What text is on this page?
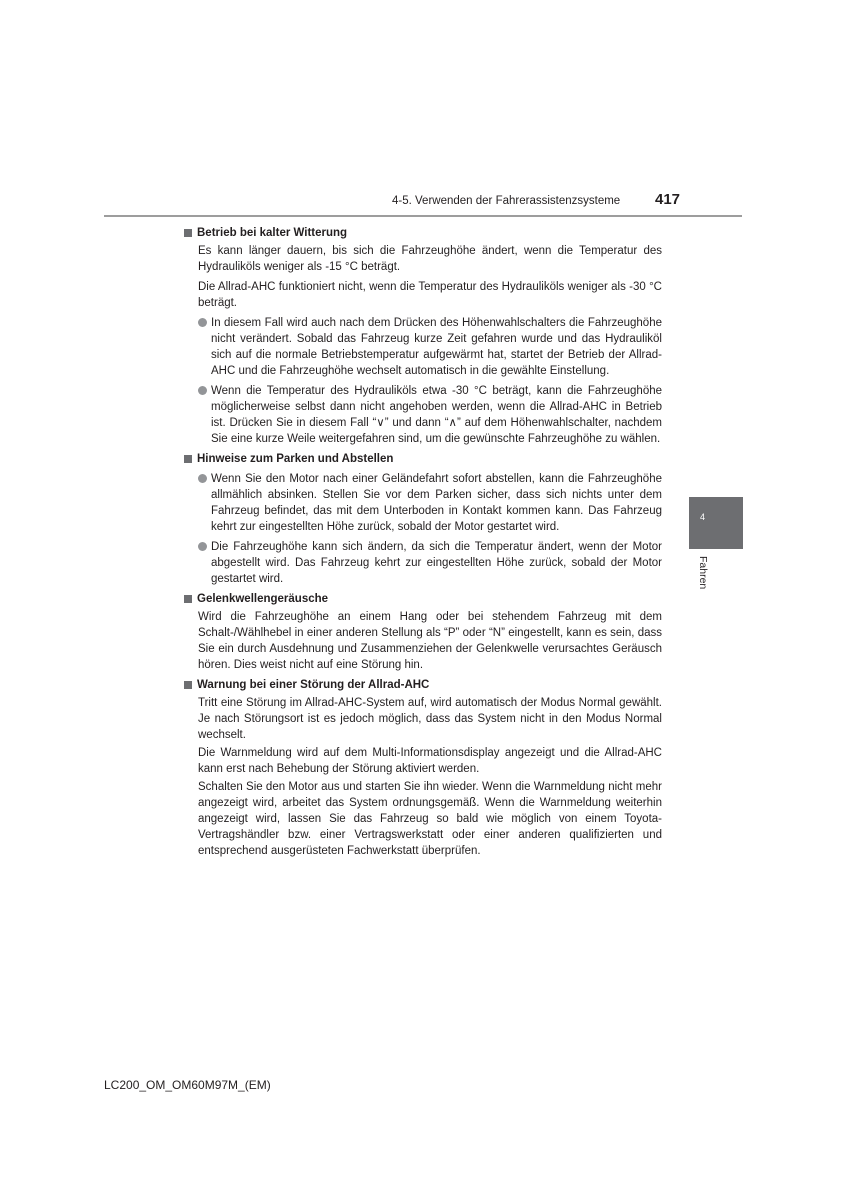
4-5. Verwenden der Fahrerassistenzsysteme 417
4
Fahren
Betrieb bei kalter Witterung
Es kann länger dauern, bis sich die Fahrzeughöhe ändert, wenn die Temperatur des Hydrauliköls weniger als -15 °C beträgt.
Die Allrad-AHC funktioniert nicht, wenn die Temperatur des Hydrauliköls weniger als -30 °C beträgt.
In diesem Fall wird auch nach dem Drücken des Höhenwahlschalters die Fahrzeughöhe nicht verändert. Sobald das Fahrzeug kurze Zeit gefahren wurde und das Hydrauliköl sich auf die normale Betriebstemperatur aufgewärmt hat, startet der Betrieb der Allrad-AHC und die Fahrzeughöhe wechselt automatisch in die gewählte Einstellung.
Wenn die Temperatur des Hydrauliköls etwa -30 °C beträgt, kann die Fahrzeughöhe möglicherweise selbst dann nicht angehoben werden, wenn die Allrad-AHC in Betrieb ist. Drücken Sie in diesem Fall “∨” und dann “∧” auf dem Höhenwahlschalter, nachdem Sie eine kurze Weile weitergefahren sind, um die gewünschte Fahrzeughöhe zu wählen.
Hinweise zum Parken und Abstellen
Wenn Sie den Motor nach einer Geländefahrt sofort abstellen, kann die Fahrzeughöhe allmählich absinken. Stellen Sie vor dem Parken sicher, dass sich nichts unter dem Fahrzeug befindet, das mit dem Unterboden in Kontakt kommen kann. Das Fahrzeug kehrt zur eingestellten Höhe zurück, sobald der Motor gestartet wird.
Die Fahrzeughöhe kann sich ändern, da sich die Temperatur ändert, wenn der Motor abgestellt wird. Das Fahrzeug kehrt zur eingestellten Höhe zurück, sobald der Motor gestartet wird.
Gelenkwellengeräusche
Wird die Fahrzeughöhe an einem Hang oder bei stehendem Fahrzeug mit dem Schalt-/Wählhebel in einer anderen Stellung als “P” oder “N” eingestellt, kann es sein, dass Sie ein durch Ausdehnung und Zusammenziehen der Gelenkwelle verursachtes Geräusch hören. Dies weist nicht auf eine Störung hin.
Warnung bei einer Störung der Allrad-AHC
Tritt eine Störung im Allrad-AHC-System auf, wird automatisch der Modus Normal gewählt. Je nach Störungsort ist es jedoch möglich, dass das System nicht in den Modus Normal wechselt.
Die Warnmeldung wird auf dem Multi-Informationsdisplay angezeigt und die Allrad-AHC kann erst nach Behebung der Störung aktiviert werden.
Schalten Sie den Motor aus und starten Sie ihn wieder. Wenn die Warnmeldung nicht mehr angezeigt wird, arbeitet das System ordnungsgemäß. Wenn die Warnmeldung weiterhin angezeigt wird, lassen Sie das Fahrzeug so bald wie möglich von einem Toyota-Vertragshändler bzw. einer Vertragswerkstatt oder einer anderen qualifizierten und entsprechend ausgerüsteten Fachwerkstatt überprüfen.
LC200_OM_OM60M97M_(EM)
